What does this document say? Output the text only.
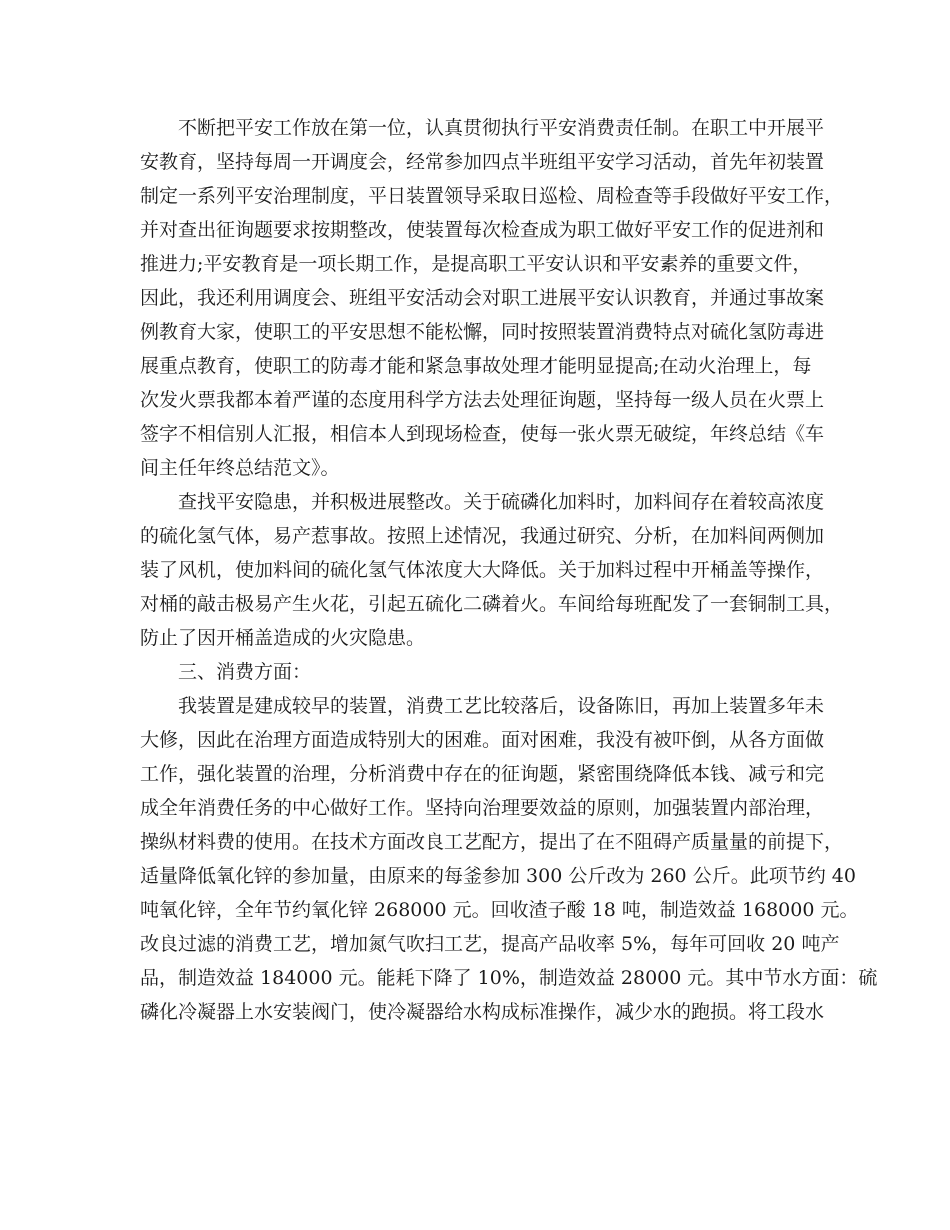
不断把平安工作放在第一位，认真贯彻执行平安消费责任制。在职工中开展平
安教育，坚持每周一开调度会，经常参加四点半班组平安学习活动，首先年初装置
制定一系列平安治理制度，平日装置领导采取日巡检、周检查等手段做好平安工作，
并对查出征询题要求按期整改，使装置每次检查成为职工做好平安工作的促进剂和
推进力;平安教育是一项长期工作，是提高职工平安认识和平安素养的重要文件，
因此，我还利用调度会、班组平安活动会对职工进展平安认识教育，并通过事故案
例教育大家，使职工的平安思想不能松懈，同时按照装置消费特点对硫化氢防毒进
展重点教育，使职工的防毒才能和紧急事故处理才能明显提高;在动火治理上，每
次发火票我都本着严谨的态度用科学方法去处理征询题，坚持每一级人员在火票上
签字不相信别人汇报，相信本人到现场检查，使每一张火票无破绽，年终总结《车
间主任年终总结范文》。
查找平安隐患，并积极进展整改。关于硫磷化加料时，加料间存在着较高浓度
的硫化氢气体，易产惹事故。按照上述情况，我通过研究、分析，在加料间两侧加
装了风机，使加料间的硫化氢气体浓度大大降低。关于加料过程中开桶盖等操作，
对桶的敲击极易产生火花，引起五硫化二磷着火。车间给每班配发了一套铜制工具，
防止了因开桶盖造成的火灾隐患。
三、消费方面：
我装置是建成较早的装置，消费工艺比较落后，设备陈旧，再加上装置多年未
大修，因此在治理方面造成特别大的困难。面对困难，我没有被吓倒，从各方面做
工作，强化装置的治理，分析消费中存在的征询题，紧密围绕降低本钱、减亏和完
成全年消费任务的中心做好工作。坚持向治理要效益的原则，加强装置内部治理，
操纵材料费的使用。在技术方面改良工艺配方，提出了在不阻碍产质量量的前提下，
适量降低氧化锌的参加量，由原来的每釜参加 300 公斤改为 260 公斤。此项节约 40
吨氧化锌，全年节约氧化锌 268000 元。回收渣子酸 18 吨，制造效益 168000 元。
改良过滤的消费工艺，增加氮气吹扫工艺，提高产品收率 5%，每年可回收 20 吨产
品，制造效益 184000 元。能耗下降了 10%，制造效益 28000 元。其中节水方面：硫
磷化冷凝器上水安装阀门，使冷凝器给水构成标准操作，减少水的跑损。将工段水
